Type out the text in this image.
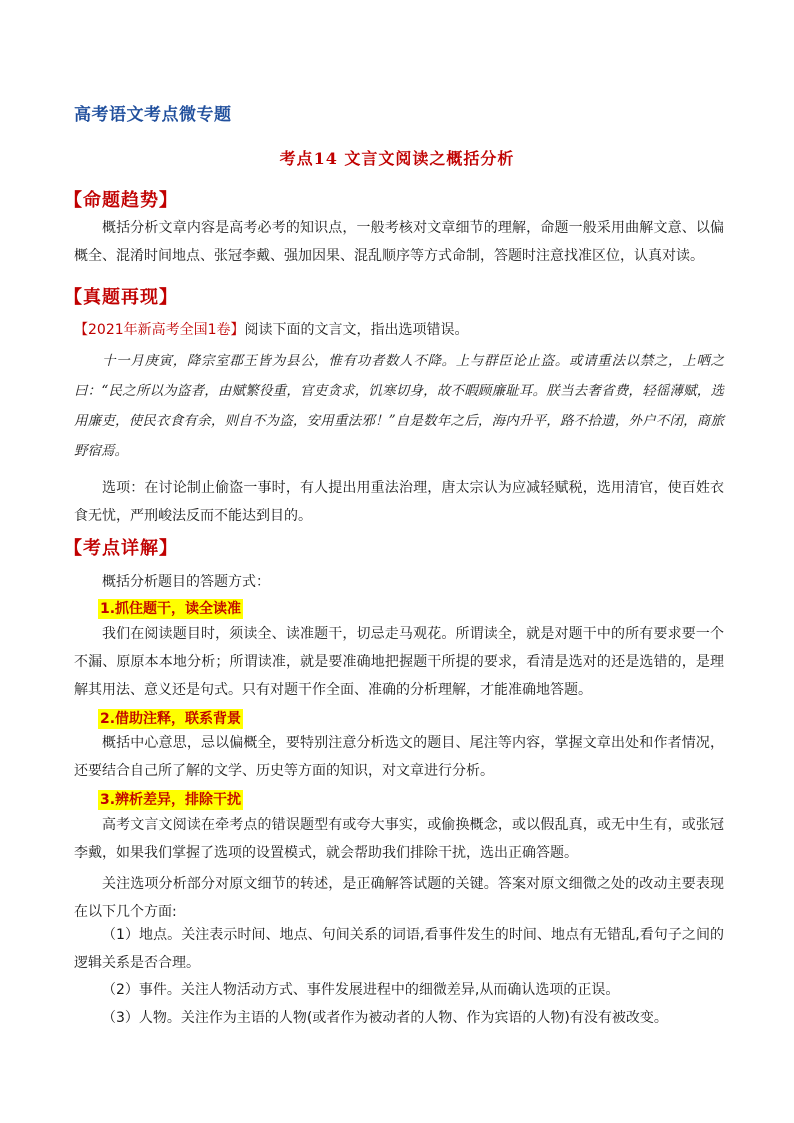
高考语文考点微专题
考点14 文言文阅读之概括分析
【命题趋势】

概括分析文章内容是高考必考的知识点，一般考核对文章细节的理解，命题一般采用曲解文意、以偏概全、混淆时间地点、张冠李戴、强加因果、混乱顺序等方式命制，答题时注意找准区位，认真对读。

【真题再现】

【2021年新高考全国1卷】阅读下面的文言文，指出选项错误。

十一月庚寅，降宗室郡王皆为县公，惟有功者数人不降。上与群臣论止盗。或请重法以禁之，上哂之曰：“民之所以为盗者，由赋繁役重，官吏贪求，饥寒切身，故不暇顾廉耻耳。朕当去奢省费，轻徭薄赋，选用廉吏，使民衣食有余，则自不为盗，安用重法邪！”自是数年之后，海内升平，路不拾遗，外户不闭，商旅野宿焉。

选项：在讨论制止偷盗一事时，有人提出用重法治理，唐太宗认为应减轻赋税，选用清官，使百姓衣食无忧，严刑峻法反而不能达到目的。

【考点详解】

概括分析题目的答题方式：

1.抓住题干，读全读准

我们在阅读题目时，须读全、读准题干，切忌走马观花。所谓读全，就是对题干中的所有要求要一个不漏、原原本本地分析；所谓读准，就是要准确地把握题干所提的要求，看清是选对的还是选错的，是理解其用法、意义还是句式。只有对题干作全面、准确的分析理解，才能准确地答题。

2.借助注释，联系背景

概括中心意思，忌以偏概全，要特别注意分析选文的题目、尾注等内容，掌握文章出处和作者情况，还要结合自己所了解的文学、历史等方面的知识，对文章进行分析。

3.辨析差异，排除干扰

高考文言文阅读在牵考点的错误题型有或夸大事实，或偷换概念，或以假乱真，或无中生有，或张冠李戴，如果我们掌握了选项的设置模式，就会帮助我们排除干扰，选出正确答题。

关注选项分析部分对原文细节的转述，是正确解答试题的关键。答案对原文细微之处的改动主要表现在以下几个方面:

（1）地点。关注表示时间、地点、句间关系的词语,看事件发生的时间、地点有无错乱,看句子之间的逻辑关系是否合理。

（2）事件。关注人物活动方式、事件发展进程中的细微差异,从而确认选项的正误。

（3）人物。关注作为主语的人物(或者作为被动者的人物、作为宾语的人物)有没有被改变。
